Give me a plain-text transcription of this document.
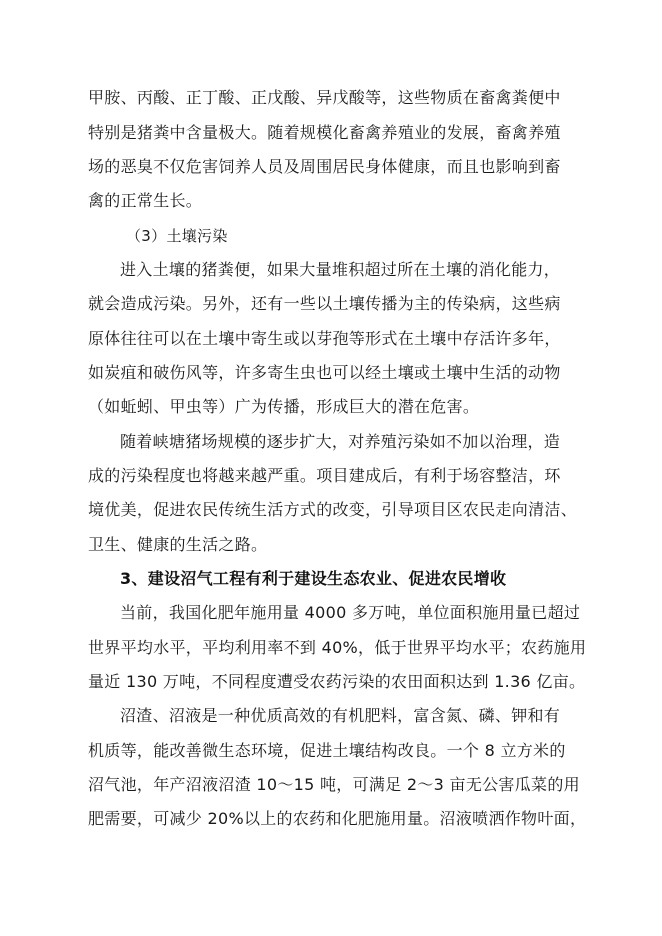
甲胺、丙酸、正丁酸、正戊酸、异戊酸等，这些物质在畜禽粪便中
特别是猪粪中含量极大。随着规模化畜禽养殖业的发展，畜禽养殖
场的恶臭不仅危害饲养人员及周围居民身体健康，而且也影响到畜
禽的正常生长。
（3）土壤污染
进入土壤的猪粪便，如果大量堆积超过所在土壤的消化能力，
就会造成污染。另外，还有一些以土壤传播为主的传染病，这些病
原体往往可以在土壤中寄生或以芽孢等形式在土壤中存活许多年，
如炭疽和破伤风等，许多寄生虫也可以经土壤或土壤中生活的动物
（如蚯蚓、甲虫等）广为传播，形成巨大的潜在危害。
随着峡塘猪场规模的逐步扩大，对养殖污染如不加以治理，造
成的污染程度也将越来越严重。项目建成后，有利于场容整洁，环
境优美，促进农民传统生活方式的改变，引导项目区农民走向清洁、
卫生、健康的生活之路。
3、建设沼气工程有利于建设生态农业、促进农民增收
当前，我国化肥年施用量 4000 多万吨，单位面积施用量已超过
世界平均水平，平均利用率不到 40%，低于世界平均水平；农药施用
量近 130 万吨，不同程度遭受农药污染的农田面积达到 1.36 亿亩。
沼渣、沼液是一种优质高效的有机肥料，富含氮、磷、钾和有
机质等，能改善微生态环境，促进土壤结构改良。一个 8 立方米的
沼气池，年产沼液沼渣 10～15 吨，可满足 2～3 亩无公害瓜菜的用
肥需要，可减少 20%以上的农药和化肥施用量。沼液喷洒作物叶面，
